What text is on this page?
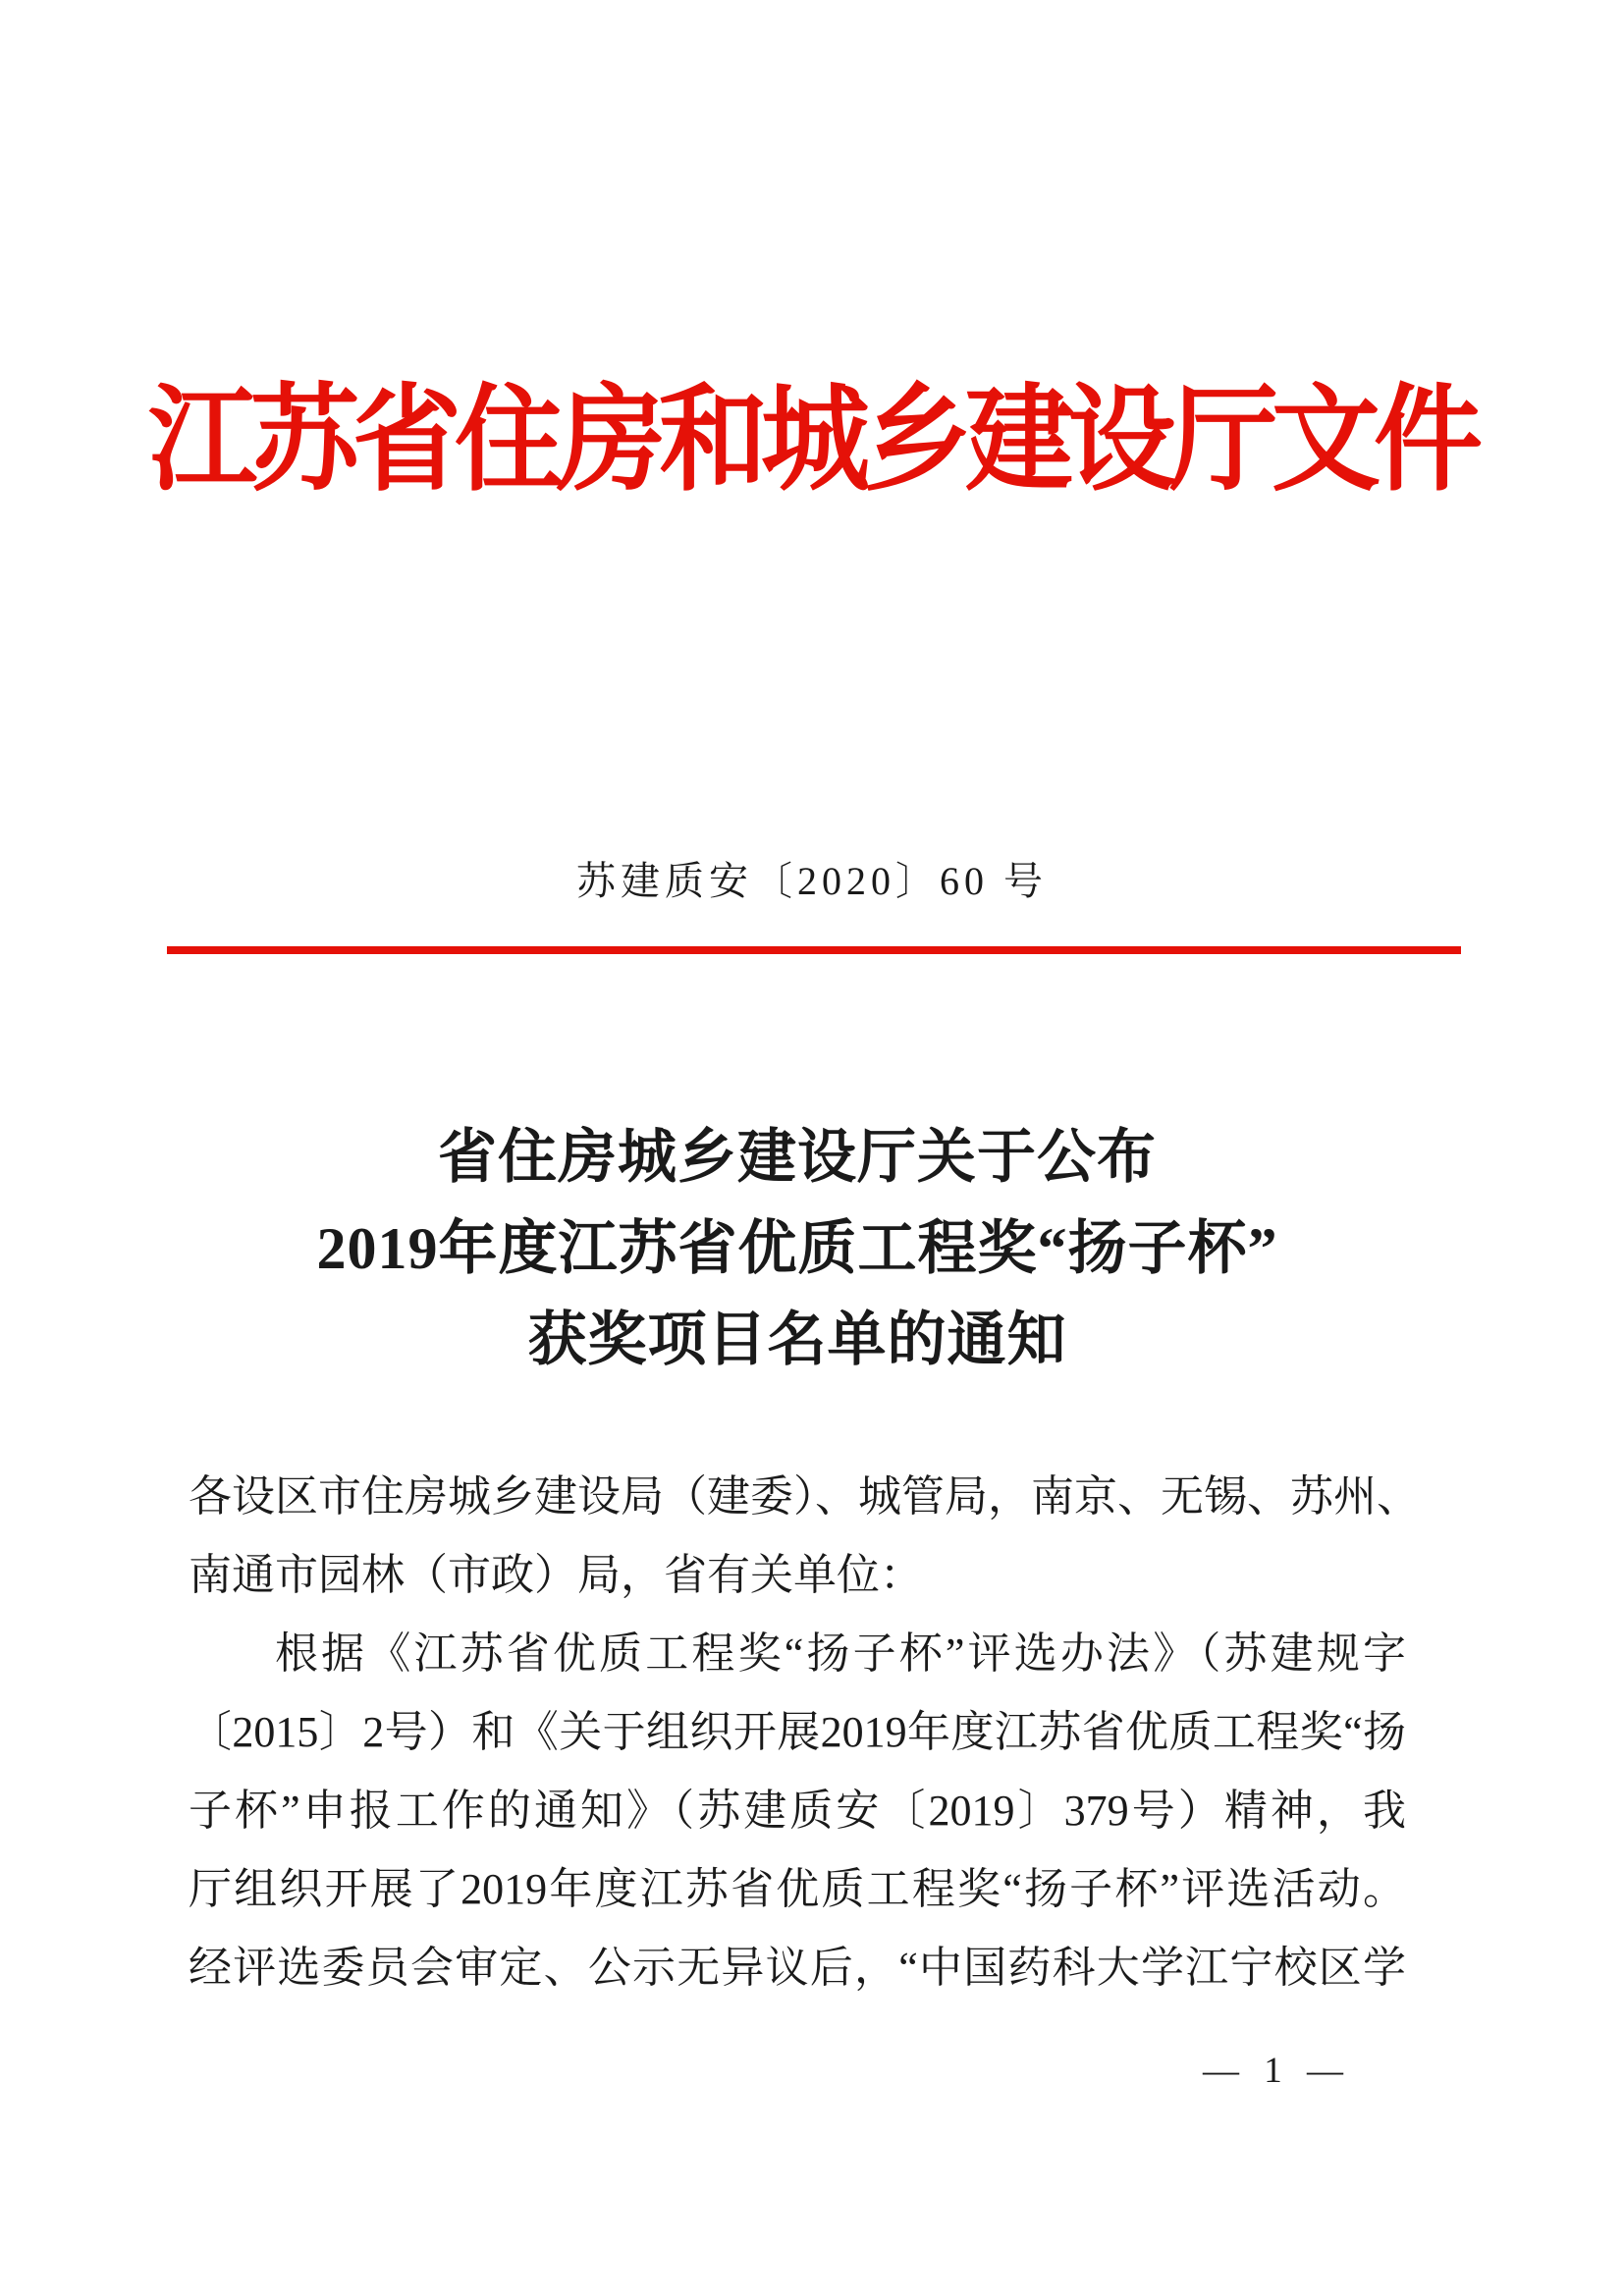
江苏省住房和城乡建设厅文件
苏建质安〔2020〕60 号
省住房城乡建设厅关于公布
2019年度江苏省优质工程奖“扬子杯”
获奖项目名单的通知
各设区市住房城乡建设局（建委）、城管局，南京、无锡、苏州、
南通市园林（市政）局，省有关单位：
根据《江苏省优质工程奖“扬子杯”评选办法》（苏建规字
〔2015〕2号）和《关于组织开展2019年度江苏省优质工程奖“扬
子杯”申报工作的通知》（苏建质安〔2019〕379号）精神，我
厅组织开展了2019年度江苏省优质工程奖“扬子杯”评选活动。
经评选委员会审定、公示无异议后，“中国药科大学江宁校区学
— 1 —
